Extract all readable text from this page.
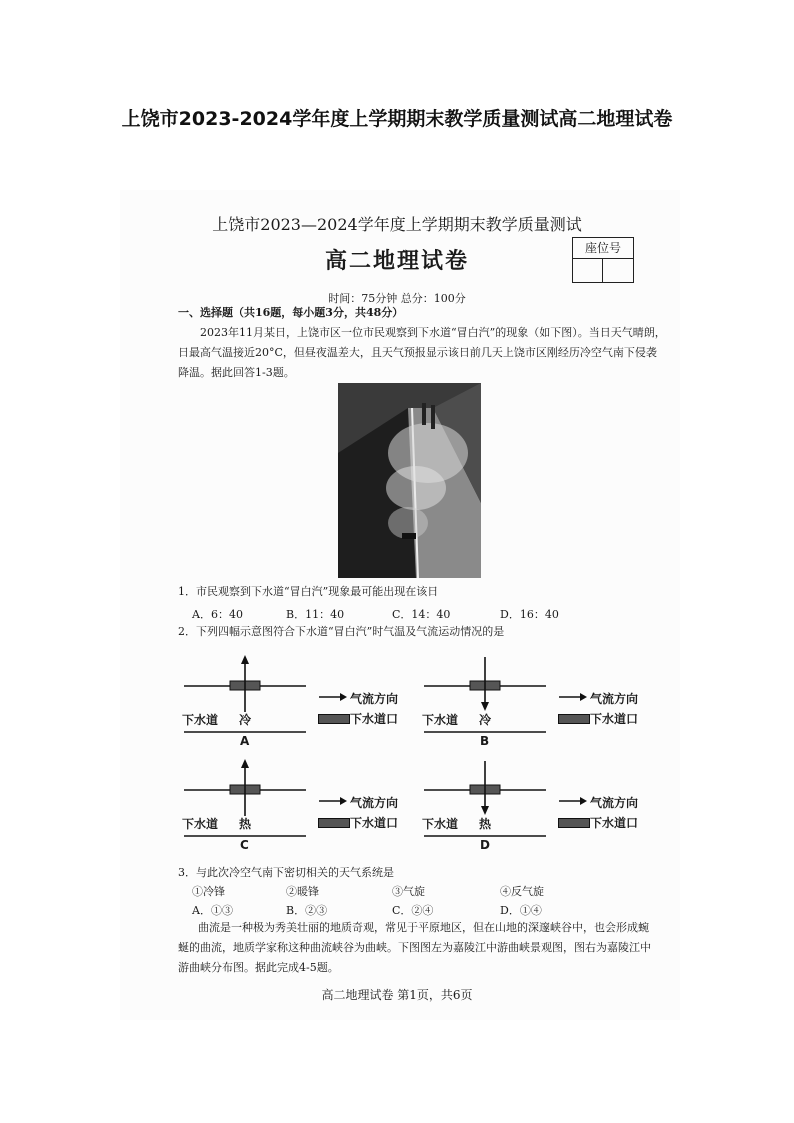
上饶市2023-2024学年度上学期期末教学质量测试高二地理试卷
上饶市2023—2024学年度上学期期末教学质量测试
高二地理试卷	座位号
时间：75分钟 总分：100分
一、选择题（共16题，每小题3分，共48分）
2023年11月某日，上饶市区一位市民观察到下水道“冒白汽”的现象（如下图）。当日天气晴朗，
日最高气温接近20°C，但昼夜温差大，且天气预报显示该日前几天上饶市区刚经历冷空气南下侵袭
降温。据此回答1-3题。
1．市民观察到下水道“冒白汽”现象最可能出现在该日
A．6：40	B．11：40	C．14：40	D．16：40
2．下列四幅示意图符合下水道“冒白汽”时气温及气流运动情况的是
下水道 冷
A
气流方向
下水道口 下水道 冷
B
气流方向
下水道口
下水道 热
C
气流方向
下水道口 下水道 热
D
气流方向
下水道口
3．与此次冷空气南下密切相关的天气系统是
①冷锋	②暖锋	③气旋	④反气旋
A．①③	B．②③	C．②④	D．①④
曲流是一种极为秀美壮丽的地质奇观，常见于平原地区，但在山地的深邃峡谷中，也会形成蜿
蜒的曲流，地质学家称这种曲流峡谷为曲峡。下图图左为嘉陵江中游曲峡景观图，图右为嘉陵江中
游曲峡分布图。据此完成4-5题。
高二地理试卷 第1页，共6页
